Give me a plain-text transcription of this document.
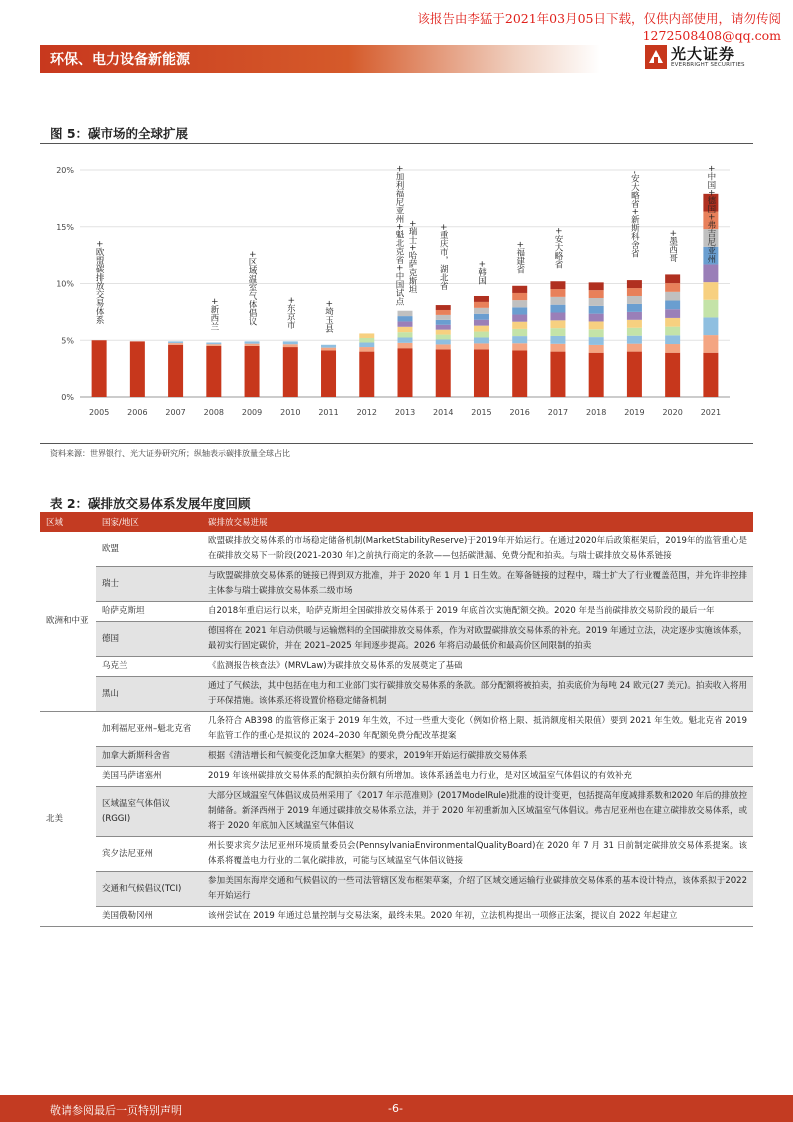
该报告由李猛于2021年03月05日下载，仅供内部使用，请勿传阅
1272508408@qq.com
环保、电力设备新能源	光大证券
EVERBRIGHT SECURITIES
图 5：碳市场的全球扩展
0%
5%
10%
15%
20%
2005 2006 2007 2008 2009 2010 2011 2012 2013 2014 2015 2016 2017 2018 2019 2020 2021
+欧盟碳排放交易体系	+新西兰	+区域温室气体倡议	+东京市	+埼玉县
+加利福尼亚州+魁北克省+中国试点 +瑞士+哈萨克斯坦 +重庆市，湖北省	+韩国	+福建省	+安大略省	-安大略省+新斯科舍省	+墨西哥	+中国+德国+弗吉尼亚州
资料来源：世界银行、光大证券研究所；纵轴表示碳排放量全球占比
表 2：碳排放交易体系发展年度回顾
区域	国家/地区	碳排放交易进展
欧洲和中亚	欧盟	欧盟碳排放交易体系的市场稳定储备机制(MarketStabilityReserve)于2019年开始运行。在通过2020年后政策框架后，2019年的监管重心是在碳排放交易下一阶段(2021-2030 年)之前执行商定的条款——包括碳泄漏、免费分配和拍卖。与瑞士碳排放交易体系链接
	瑞士	与欧盟碳排放交易体系的链接已得到双方批准，并于 2020 年 1 月 1 日生效。在筹备链接的过程中，瑞士扩大了行业覆盖范围，并允许非控排主体参与瑞士碳排放交易体系二级市场
	哈萨克斯坦	自2018年重启运行以来，哈萨克斯坦全国碳排放交易体系于 2019 年底首次实施配额交换。2020 年是当前碳排放交易阶段的最后一年
	德国	德国将在 2021 年启动供暖与运输燃料的全国碳排放交易体系，作为对欧盟碳排放交易体系的补充。2019 年通过立法，决定逐步实施该体系，最初实行固定碳价，并在 2021–2025 年间逐步提高。2026 年将启动最低价和最高价区间限制的拍卖
	乌克兰	《监测报告核查法》(MRVLaw)为碳排放交易体系的发展奠定了基础
	黑山	通过了气候法，其中包括在电力和工业部门实行碳排放交易体系的条款。部分配额将被拍卖，拍卖底价为每吨 24 欧元(27 美元)。拍卖收入将用于环保措施。该体系还将设置价格稳定储备机制
北美	加利福尼亚州–魁北克省	几条符合 AB398 的监管修正案于 2019 年生效，不过一些重大变化（例如价格上限、抵消额度相关限值）要到 2021 年生效。魁北克省 2019 年监管工作的重心是拟议的 2024–2030 年配额免费分配改革提案
	加拿大新斯科舍省	根据《清洁增长和气候变化泛加拿大框架》的要求，2019年开始运行碳排放交易体系
	美国马萨诸塞州	2019 年该州碳排放交易体系的配额拍卖份额有所增加。该体系涵盖电力行业，是对区域温室气体倡议的有效补充
	区域温室气体倡议(RGGI)	大部分区域温室气体倡议成员州采用了《2017 年示范准则》(2017ModelRule)批准的设计变更，包括提高年度减排系数和2020 年后的排放控制储备。新泽西州于 2019 年通过碳排放交易体系立法，并于 2020 年初重新加入区域温室气体倡议。弗吉尼亚州也在建立碳排放交易体系，或将于 2020 年底加入区域温室气体倡议
	宾夕法尼亚州	州长要求宾夕法尼亚州环境质量委员会(PennsylvaniaEnvironmentalQualityBoard)在 2020 年 7 月 31 日前制定碳排放交易体系提案。该体系将覆盖电力行业的二氧化碳排放，可能与区域温室气体倡议链接
	交通和气候倡议(TCI)	参加美国东海岸交通和气候倡议的一些司法管辖区发布框架草案，介绍了区域交通运输行业碳排放交易体系的基本设计特点，该体系拟于2022 年开始运行
	美国俄勒冈州	该州尝试在 2019 年通过总量控制与交易法案，最终未果。2020 年初，立法机构提出一项修正法案，提议自 2022 年起建立
敬请参阅最后一页特别声明	-6-
